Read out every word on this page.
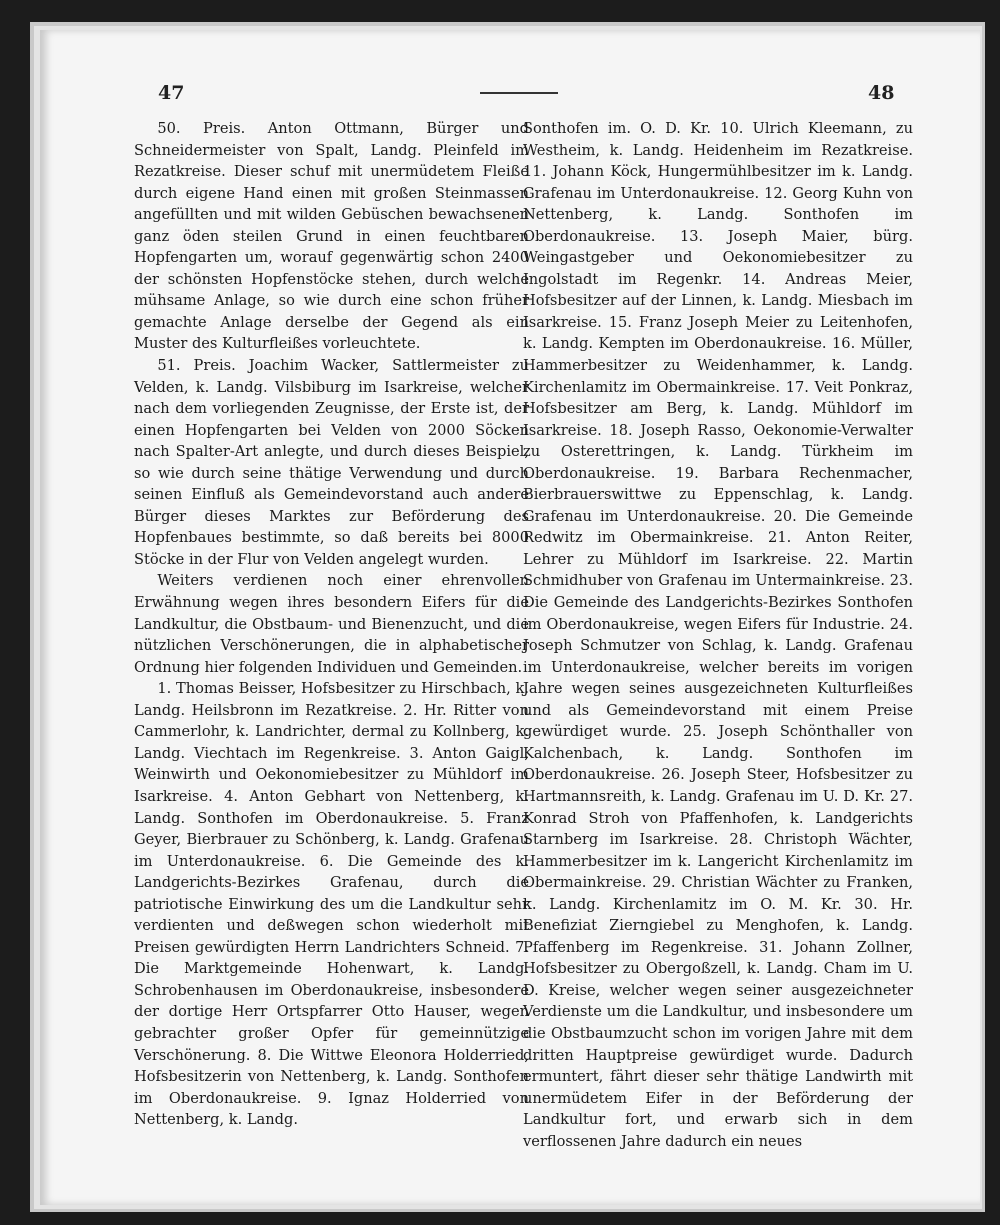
47	48

50. Preis. Anton Ottmann, Bürger und Schneidermeister von Spalt, Landg. Pleinfeld im Rezatkreise. Dieser schuf mit unermüdetem Fleiße durch eigene Hand einen mit großen Steinmassen angefüllten und mit wilden Gebüschen bewachsenen ganz öden steilen Grund in einen feuchtbaren Hopfengarten um, worauf gegenwärtig schon 2400 der schönsten Hopfenstöcke stehen, durch welche mühsame Anlage, so wie durch eine schon früher gemachte Anlage derselbe der Gegend als ein Muster des Kulturfleißes vorleuchtete.

51. Preis. Joachim Wacker, Sattlermeister zu Velden, k. Landg. Vilsbiburg im Isarkreise, welcher nach dem vorliegenden Zeugnisse, der Erste ist, der einen Hopfengarten bei Velden von 2000 Söcken nach Spalter-Art anlegte, und durch dieses Beispiel, so wie durch seine thätige Verwendung und durch seinen Einfluß als Gemeindevorstand auch andere Bürger dieses Marktes zur Beförderung des Hopfenbaues bestimmte, so daß bereits bei 8000 Stöcke in der Flur von Velden angelegt wurden.

Weiters verdienen noch einer ehrenvollen Erwähnung wegen ihres besondern Eifers für die Landkultur, die Obstbaum- und Bienenzucht, und die nützlichen Verschönerungen, die in alphabetischer Ordnung hier folgenden Individuen und Gemeinden.

1. Thomas Beisser, Hofsbesitzer zu Hirschbach, k. Landg. Heilsbronn im Rezatkreise. 2. Hr. Ritter von Cammerlohr, k. Landrichter, dermal zu Kollnberg, k. Landg. Viechtach im Regenkreise. 3. Anton Gaigl, Weinwirth und Oekonomiebesitzer zu Mühldorf im Isarkreise. 4. Anton Gebhart von Nettenberg, k. Landg. Sonthofen im Oberdonaukreise. 5. Franz Geyer, Bierbrauer zu Schönberg, k. Landg. Grafenau im Unterdonaukreise. 6. Die Gemeinde des k. Landgerichts-Bezirkes Grafenau, durch die patriotische Einwirkung des um die Landkultur sehr verdienten und deßwegen schon wiederholt mit Preisen gewürdigten Herrn Landrichters Schneid. 7. Die Marktgemeinde Hohenwart, k. Landg. Schrobenhausen im Oberdonaukreise, insbesondere der dortige Herr Ortspfarrer Otto Hauser, wegen gebrachter großer Opfer für gemeinnützige Verschönerung. 8. Die Wittwe Eleonora Holderried, Hofsbesitzerin von Nettenberg, k. Landg. Sonthofen im Oberdonaukreise. 9. Ignaz Holderried von Nettenberg, k. Landg.

Sonthofen im. O. D. Kr. 10. Ulrich Kleemann, zu Westheim, k. Landg. Heidenheim im Rezatkreise. 11. Johann Köck, Hungermühlbesitzer im k. Landg. Grafenau im Unterdonaukreise. 12. Georg Kuhn von Nettenberg, k. Landg. Sonthofen im Oberdonaukreise. 13. Joseph Maier, bürg. Weingastgeber und Oekonomiebesitzer zu Ingolstadt im Regenkr. 14. Andreas Meier, Hofsbesitzer auf der Linnen, k. Landg. Miesbach im Isarkreise. 15. Franz Joseph Meier zu Leitenhofen, k. Landg. Kempten im Oberdonaukreise. 16. Müller, Hammerbesitzer zu Weidenhammer, k. Landg. Kirchenlamitz im Obermainkreise. 17. Veit Ponkraz, Hofsbesitzer am Berg, k. Landg. Mühldorf im Isarkreise. 18. Joseph Rasso, Oekonomie-Verwalter zu Osterettringen, k. Landg. Türkheim im Oberdonaukreise. 19. Barbara Rechenmacher, Bierbrauerswittwe zu Eppenschlag, k. Landg. Grafenau im Unterdonaukreise. 20. Die Gemeinde Redwitz im Obermainkreise. 21. Anton Reiter, Lehrer zu Mühldorf im Isarkreise. 22. Martin Schmidhuber von Grafenau im Untermainkreise. 23. Die Gemeinde des Landgerichts-Bezirkes Sonthofen im Oberdonaukreise, wegen Eifers für Industrie. 24. Joseph Schmutzer von Schlag, k. Landg. Grafenau im Unterdonaukreise, welcher bereits im vorigen Jahre wegen seines ausgezeichneten Kulturfleißes und als Gemeindevorstand mit einem Preise gewürdiget wurde. 25. Joseph Schönthaller von Kalchenbach, k. Landg. Sonthofen im Oberdonaukreise. 26. Joseph Steer, Hofsbesitzer zu Hartmannsreith, k. Landg. Grafenau im U. D. Kr. 27. Konrad Stroh von Pfaffenhofen, k. Landgerichts Starnberg im Isarkreise. 28. Christoph Wächter, Hammerbesitzer im k. Langericht Kirchenlamitz im Obermainkreise. 29. Christian Wächter zu Franken, k. Landg. Kirchenlamitz im O. M. Kr. 30. Hr. Benefiziat Zierngiebel zu Menghofen, k. Landg. Pfaffenberg im Regenkreise. 31. Johann Zollner, Hofsbesitzer zu Obergoßzell, k. Landg. Cham im U. D. Kreise, welcher wegen seiner ausgezeichneter Verdienste um die Landkultur, und insbesondere um die Obstbaumzucht schon im vorigen Jahre mit dem dritten Hauptpreise gewürdiget wurde. Dadurch ermuntert, fährt dieser sehr thätige Landwirth mit unermüdetem Eifer in der Beförderung der Landkultur fort, und erwarb sich in dem verflossenen Jahre dadurch ein neues
